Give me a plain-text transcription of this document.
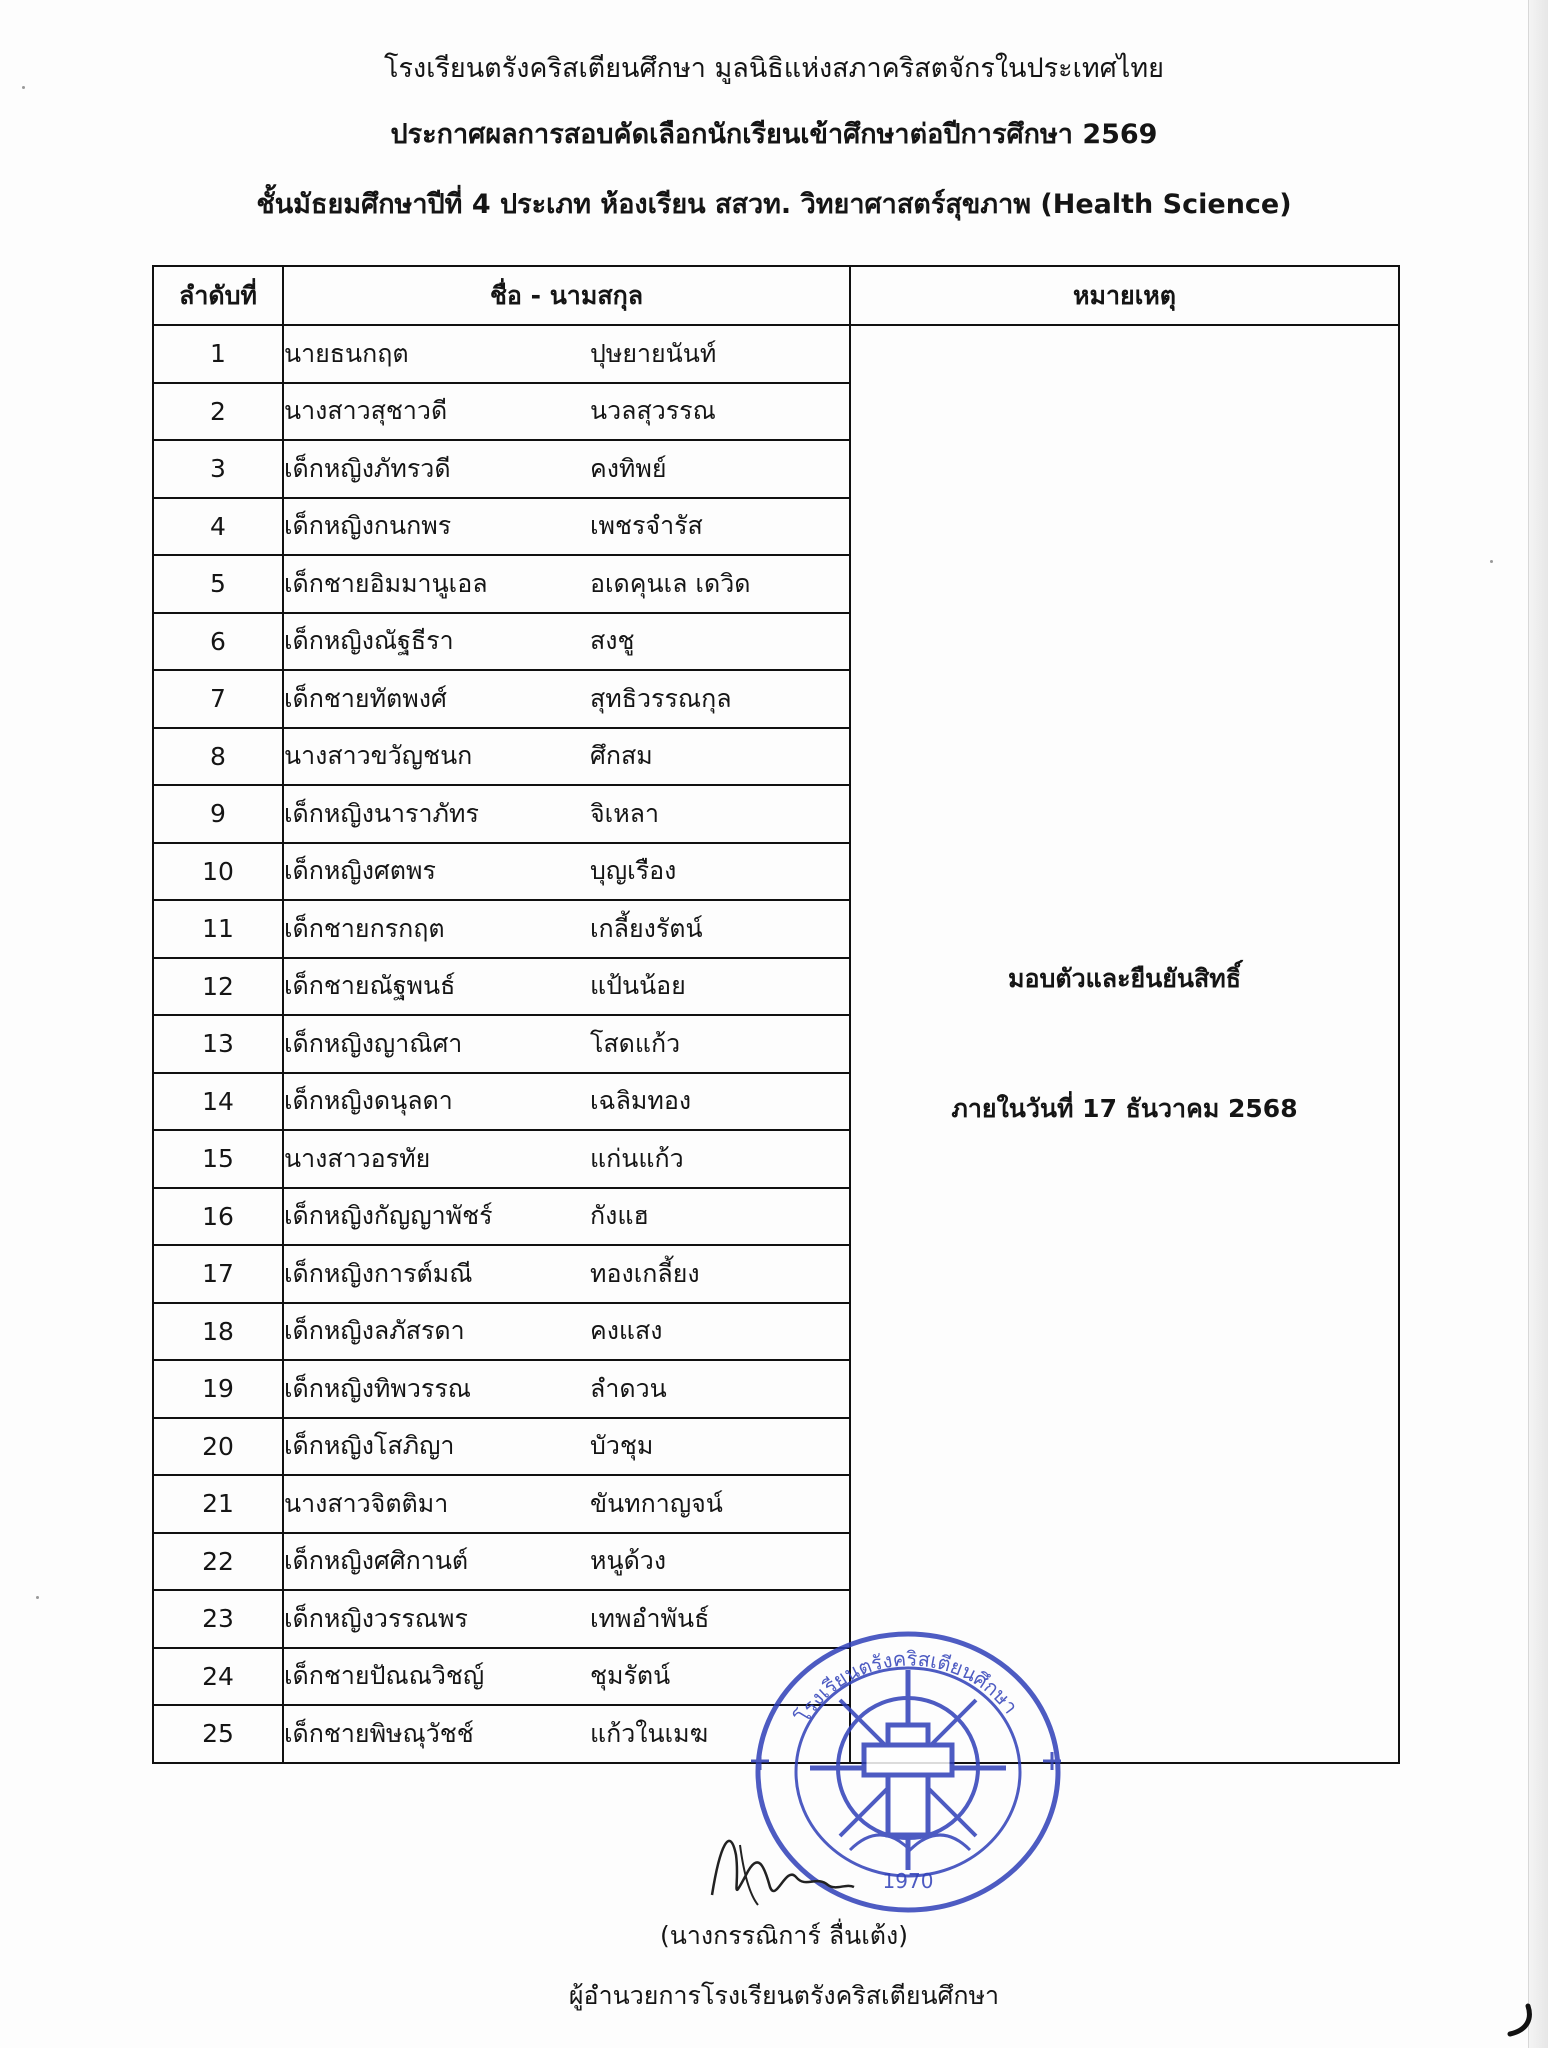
โรงเรียนตรังคริสเตียนศึกษา มูลนิธิแห่งสภาคริสตจักรในประเทศไทย
ประกาศผลการสอบคัดเลือกนักเรียนเข้าศึกษาต่อปีการศึกษา 2569
ชั้นมัธยมศึกษาปีที่ 4 ประเภท ห้องเรียน สสวท. วิทยาศาสตร์สุขภาพ (Health Science)
ลำดับที่	ชื่อ - นามสกุล	หมายเหตุ
1	นายธนกฤต ปุษยายนันท์	มอบตัวและยืนยันสิทธิ์
ภายในวันที่ 17 ธันวาคม 2568

2	นางสาวสุชาวดี นวลสุวรรณ	
3	เด็กหญิงภัทรวดี คงทิพย์	
4	เด็กหญิงกนกพร เพชรจำรัส	
5	เด็กชายอิมมานูเอล อเดคุนเล เดวิด	
6	เด็กหญิงณัฐธีรา สงชู	
7	เด็กชายทัตพงศ์ สุทธิวรรณกุล	
8	นางสาวขวัญชนก ศึกสม	
9	เด็กหญิงนาราภัทร จิเหลา	
10	เด็กหญิงศตพร บุญเรือง	
11	เด็กชายกรกฤต เกลี้ยงรัตน์	
12	เด็กชายณัฐพนธ์ แป้นน้อย	
13	เด็กหญิงญาณิศา โสดแก้ว	
14	เด็กหญิงดนุลดา เฉลิมทอง	
15	นางสาวอรทัย แก่นแก้ว	
16	เด็กหญิงกัญญาพัชร์ กังแฮ	
17	เด็กหญิงการต์มณี ทองเกลี้ยง	
18	เด็กหญิงลภัสรดา คงแสง	
19	เด็กหญิงทิพวรรณ ลำดวน	
20	เด็กหญิงโสภิญา บัวชุม	
21	นางสาวจิตติมา ขันทกาญจน์	
22	เด็กหญิงศศิกานต์ หนูด้วง	
23	เด็กหญิงวรรณพร เทพอำพันธ์	
24	เด็กชายปัณณวิชญ์ ชุมรัตน์	
25	เด็กชายพิษณุวัชช์ แก้วในเมฆ	
1970
โรงเรียนตรังคริสเตียนศึกษา
(นางกรรณิการ์ ลื่นเต้ง)
ผู้อำนวยการโรงเรียนตรังคริสเตียนศึกษา
